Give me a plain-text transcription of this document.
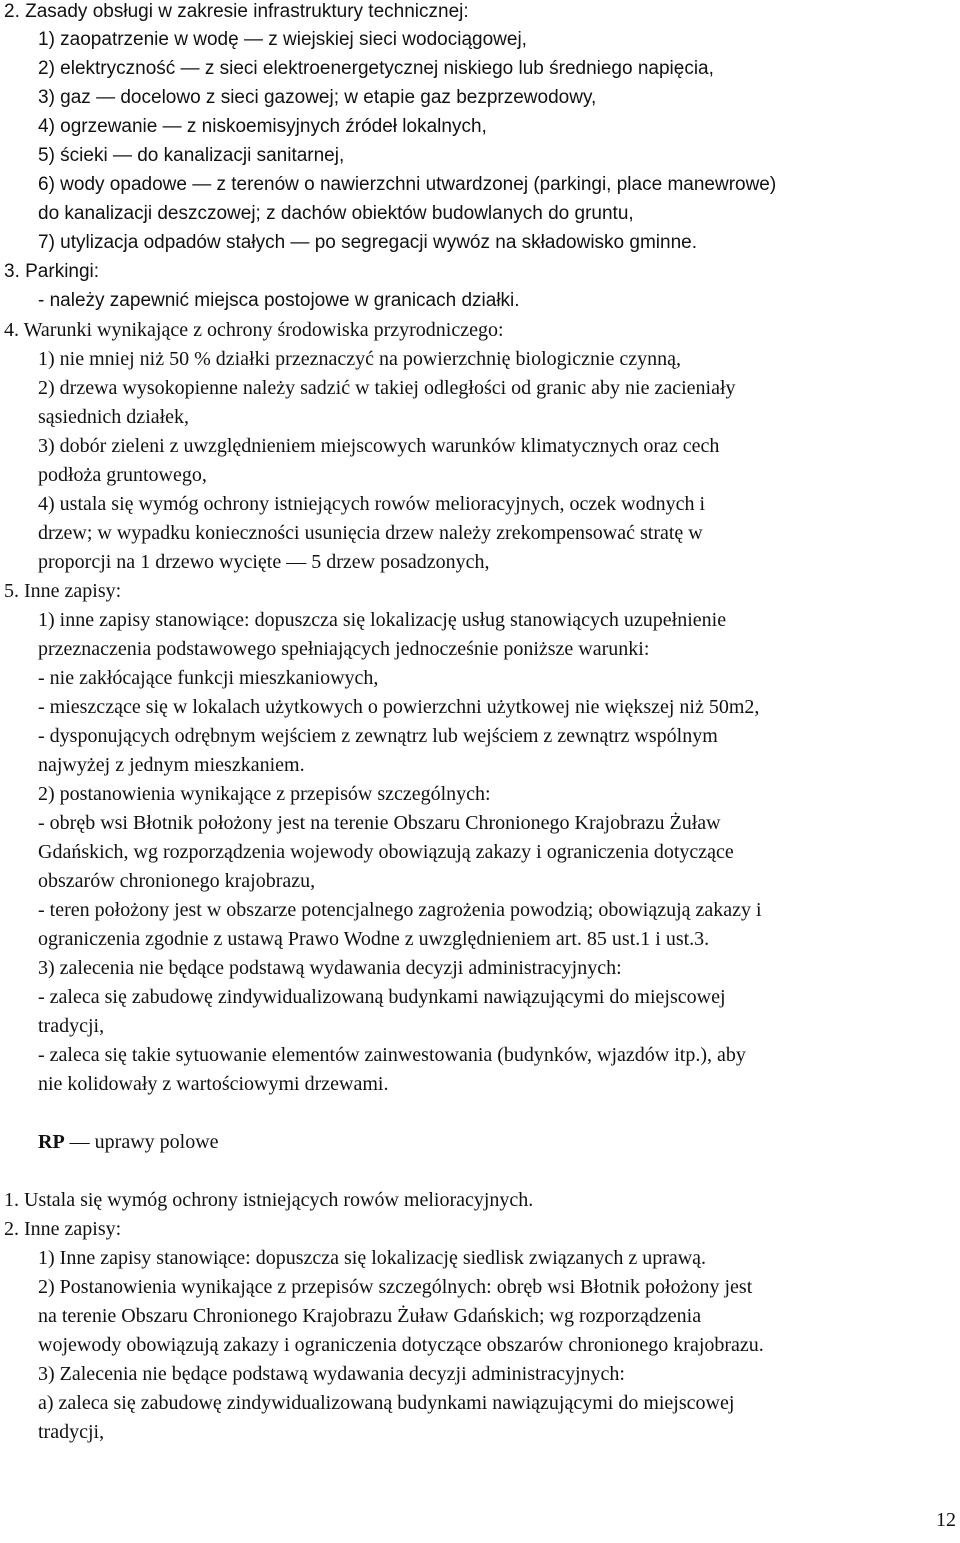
2. Zasady obsługi w zakresie infrastruktury technicznej:
1) zaopatrzenie w wodę — z wiejskiej sieci wodociągowej,
2) elektryczność — z sieci elektroenergetycznej niskiego lub średniego napięcia,
3) gaz — docelowo z sieci gazowej; w etapie gaz bezprzewodowy,
4) ogrzewanie — z niskoemisyjnych źródeł lokalnych,
5) ścieki — do kanalizacji sanitarnej,
6) wody opadowe — z terenów o nawierzchni utwardzonej (parkingi, place manewrowe)
do kanalizacji deszczowej; z dachów obiektów budowlanych do gruntu,
7) utylizacja odpadów stałych — po segregacji wywóz na składowisko gminne.
3. Parkingi:
- należy zapewnić miejsca postojowe w granicach działki.
4. Warunki wynikające z ochrony środowiska przyrodniczego:
1) nie mniej niż 50 % działki przeznaczyć na powierzchnię biologicznie czynną,
2) drzewa wysokopienne należy sadzić w takiej odległości od granic aby nie zacieniały
sąsiednich działek,
3) dobór zieleni z uwzględnieniem miejscowych warunków klimatycznych oraz cech
podłoża gruntowego,
4) ustala się wymóg ochrony istniejących rowów melioracyjnych, oczek wodnych i
drzew; w wypadku konieczności usunięcia drzew należy zrekompensować stratę w
proporcji na 1 drzewo wycięte — 5 drzew posadzonych,
5. Inne zapisy:
1) inne zapisy stanowiące: dopuszcza się lokalizację usług stanowiących uzupełnienie
przeznaczenia podstawowego spełniających jednocześnie poniższe warunki:
- nie zakłócające funkcji mieszkaniowych,
- mieszczące się w lokalach użytkowych o powierzchni użytkowej nie większej niż 50m2,
- dysponujących odrębnym wejściem z zewnątrz lub wejściem z zewnątrz wspólnym
najwyżej z jednym mieszkaniem.
2) postanowienia wynikające z przepisów szczególnych:
- obręb wsi Błotnik położony jest na terenie Obszaru Chronionego Krajobrazu Żuław
Gdańskich, wg rozporządzenia wojewody obowiązują zakazy i ograniczenia dotyczące
obszarów chronionego krajobrazu,
- teren położony jest w obszarze potencjalnego zagrożenia powodzią; obowiązują zakazy i
ograniczenia zgodnie z ustawą Prawo Wodne z uwzględnieniem art. 85 ust.1 i ust.3.
3) zalecenia nie będące podstawą wydawania decyzji administracyjnych:
- zaleca się zabudowę zindywidualizowaną budynkami nawiązującymi do miejscowej
tradycji,
- zaleca się takie sytuowanie elementów zainwestowania (budynków, wjazdów itp.), aby
nie kolidowały z wartościowymi drzewami.
RP — uprawy polowe
1. Ustala się wymóg ochrony istniejących rowów melioracyjnych.
2. Inne zapisy:
1) Inne zapisy stanowiące: dopuszcza się lokalizację siedlisk związanych z uprawą.
2) Postanowienia wynikające z przepisów szczególnych: obręb wsi Błotnik położony jest
na terenie Obszaru Chronionego Krajobrazu Żuław Gdańskich; wg rozporządzenia
wojewody obowiązują zakazy i ograniczenia dotyczące obszarów chronionego krajobrazu.
3) Zalecenia nie będące podstawą wydawania decyzji administracyjnych:
a) zaleca się zabudowę zindywidualizowaną budynkami nawiązującymi do miejscowej
tradycji,
12
